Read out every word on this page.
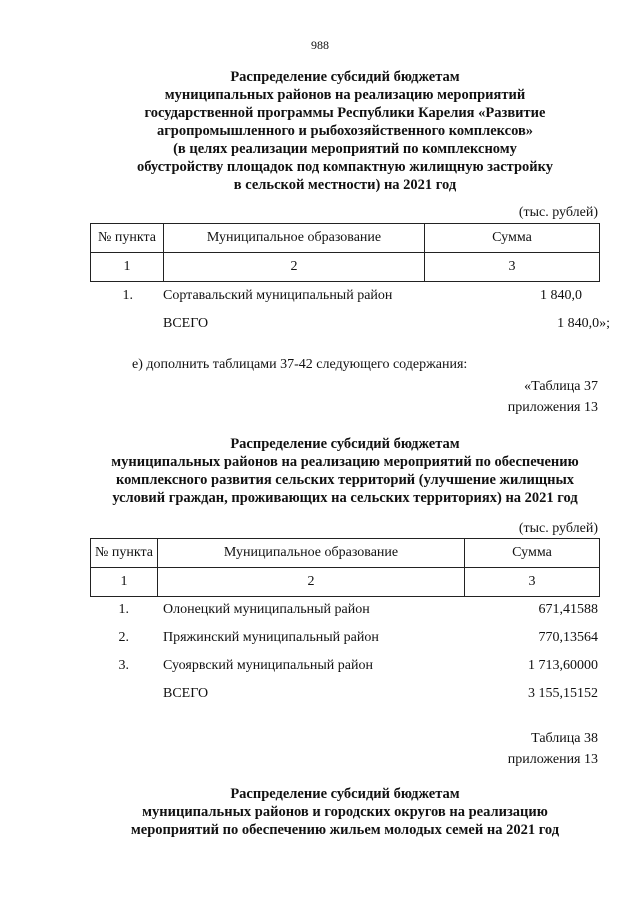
988
Распределение субсидий бюджетам
муниципальных районов на реализацию мероприятий
государственной программы Республики Карелия «Развитие
агропромышленного и рыбохозяйственного комплексов»
(в целях реализации мероприятий по комплексному
обустройству площадок под компактную жилищную застройку
в сельской местности) на 2021 год
(тыс. рублей)
№ пункта	Муниципальное образование	Сумма
1	2	3
1. Сортавальский муниципальный район	1 840,0
ВСЕГО	1 840,0»;
е) дополнить таблицами 37-42 следующего содержания:
«Таблица 37
приложения 13
Распределение субсидий бюджетам
муниципальных районов на реализацию мероприятий по обеспечению
комплексного развития сельских территорий (улучшение жилищных
условий граждан, проживающих на сельских территориях) на 2021 год
(тыс. рублей)
№ пункта	Муниципальное образование	Сумма
1	2	3
1. Олонецкий муниципальный район	671,41588
2. Пряжинский муниципальный район	770,13564
3. Суоярвский муниципальный район	1 713,60000
ВСЕГО	3 155,15152
Таблица 38
приложения 13
Распределение субсидий бюджетам
муниципальных районов и городских округов на реализацию
мероприятий по обеспечению жильем молодых семей на 2021 год
